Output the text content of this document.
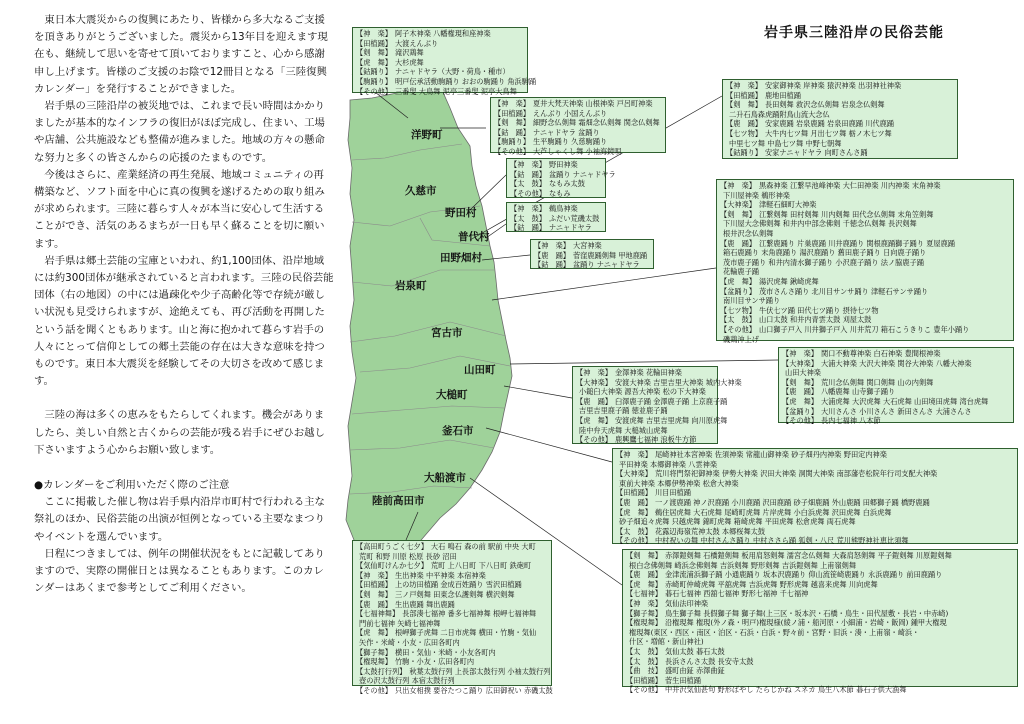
東日本大震災からの復興にあたり、皆様から多大なるご支援を頂きありがとうございました。震災から13年目を迎えます現在も、継続して思いを寄せて頂いておりますこと、心から感謝申し上げます。皆様のご支援のお陰で12冊目となる「三陸復興カレンダー」を発行することができました。

岩手県の三陸沿岸の被災地では、これまで長い時間はかかりましたが基本的なインフラの復旧がほぼ完成し、住まい、工場や店舗、公共施設なども整備が進みました。地域の方々の懸命な努力と多くの皆さんからの応援のたまものです。

今後はさらに、産業経済の再生発展、地域コミュニティの再構築など、ソフト面を中心に真の復興を遂げるための取り組みが求められます。三陸に暮らす人々が本当に安心して生活することができ、活気のあるまちが一日も早く蘇ることを切に願います。

岩手県は郷土芸能の宝庫といわれ、約1,100団体、沿岸地域には約300団体が継承されていると言われます。三陸の民俗芸能団体（右の地図）の中には過疎化や少子高齢化等で存続が厳しい状況も見受けられますが、途絶えても、再び活動を再開したという話を聞くともあります。山と海に抱かれて暮らす岩手の人々にとって信仰としての郷土芸能の存在は大きな意味を持つものです。東日本大震災を経験してその大切さを改めて感じます。

三陸の海は多くの恵みをもたらしてくれます。機会がありましたら、美しい自然と古くからの芸能が残る岩手にぜひお越し下さいますよう心からお願い致します。

●カレンダーをご利用いただく際のご注意

ここに掲載した催し物は岩手県内沿岸市町村で行われる主な祭礼のほか、民俗芸能の出演が恒例となっている主要なまつりやイベントを選んでいます。

日程につきましては、例年の開催状況をもとに記載してありますので、実際の開催日とは異なることもあります。このカレンダーはあくまで参考としてご利用ください。

洋野町
久慈市
野田村
普代村
田野畑村
岩泉町
宮古市
山田町
大槌町
釜石市
大船渡市
陸前高田市
岩手県三陸沿岸の民俗芸能
【神　楽】 阿子木神楽 八幡権現和座神楽
【田植踊】 大渡えんぶり
【剣　舞】 滝沢鶏舞
【虎　舞】 大杉虎舞
【鈷踊り】 ナニャドヤラ（大野・荷鳥・種市）
【駒踊り】 明戸伝承活動駒踊り おおの駒踊り 角浜駒踊
【その他】 三番叟 大鳥舞 泥亭三番叟 泥亭大鳥舞
【神　楽】 夏井大梵天神楽 山根神楽 戸呂町神楽
【田植踊】 えんぶり 小国えんぶり
【剣　舞】 細野念仏剣舞 霜畑念仏剣舞 関念仏剣舞
【鈷　踊】 ナニャドヤラ 盆踊り
【駒踊り】 生平駒踊り 久慈駒踊り
【その他】 大芦しゃくし舞 小袖海鏡唄
【神　楽】 野田神楽
【鈷　踊】 盆踊り ナニャドヤラ
【太　鼓】 なもみ太鼓
【その他】 なもみ
【神　楽】 鵜鳥神楽
【太　鼓】 ふだい荒磯太鼓
【鈷　踊】 ナニャドヤラ
【神　楽】 大宮神楽
【鹿　踊】 菅窪鹿踊剣舞 甲地鹿踊
【鈷　踊】 盆踊り ナニャドヤラ
【神　楽】 安家御神楽 岸神楽 猿沢神楽 出羽神社神楽
【田植踊】 鹿地田植踊
【剣　舞】 長田剣舞 救沢念仏剣舞 岩泉念仏剣舞
二升石鳥森虎踊附鳥山流大念仏
【鹿　踊】 安家鹿踊 岩泉鹿踊 岩泉田鹿踊 川代鹿踊
【七ツ物】 大牛内七ツ舞 月出七ツ舞 栃ノ木七ツ舞
中里七ツ舞 中島七ツ舞 中野七朝舞
【鈷踊り】 安家ナニャドヤラ 向町さんさ踊
【神　楽】 黒森神楽 江繋早池峰神楽 大仁田神楽 川内神楽 末角神楽
下川屋神楽 鵜形神楽
【大神楽】 津軽石細町大神楽
【剣　舞】 江繋剣舞 田村剣舞 川内剣舞 田代念仏剣舞 末角笠剣舞
下川屋大念佛剣舞 和井内中部念佛剣 千徳念仏剣舞 長沢剣舞
根井沢念仏剣舞
【鹿　踊】 江繋鹿踊り 片巣鹿踊 川井鹿踊り 関根鹿踊獅子踊り 夏屋鹿踊
箱石鹿踊り 末角鹿踊り 湯沢鹿踊り 舊田鹿子踊り 日向鹿子踊り
茂市鹿子踊り 和井内清水獅子踊り 小沢鹿子踊り 法ノ脇鹿子踊
花輪鹿子踊
【虎　舞】 湯沢虎舞 鍬崎虎舞
【盆踊り】 茂市さんさ踊り 北川目サンサ踊り 津軽石サンサ踊り
南川目サンサ踊り
【七ツ物】 牛伏七ツ踊 田代七ツ踊り 摂待七ツ物
【太　鼓】 山口太鼓 和井内青雲太鼓 刈屋太鼓
【その他】 山口獅子戸入 川井獅子戸入 川井荒刀 箱石こうきりこ 豊年小踊り
磯鶏沖上げ
【神　楽】 関口不動尊神楽 白石神楽 豊間根神楽
【大神楽】 大浦大神楽 大沢大神楽 関谷大神楽 八幡大神楽
山田大神楽
【剣　舞】 荒川念仏剣舞 関口剣舞 山の内剣舞
【鹿　踊】 八幡鹿舞 山寺獅子踊り
【虎　舞】 大浦虎舞 大沢虎舞 大石虎舞 山田境田虎舞 湾台虎舞
【盆踊り】 大川さんさ 小川さんさ 新田さんさ 大浦さんさ
【その他】 長内七福神 八木節
【神　楽】 金澤神楽 花輪田神楽
【大神楽】 安渡大神楽 吉里吉里大神楽 城内大神楽
小鎚臼大神楽 源吾大神楽 松の下大神楽
【鹿　踊】 臼澤鹿子踊 金澤鹿子踊 上京鹿子踊
吉里吉里鹿子踊 徳並鹿子踊
【虎　舞】 安渡虎舞 吉里吉里虎舞 向川原虎舞
陸中弁天虎舞 大槌城山虎舞
【その他】 鹿興鷹七福神 浪板牛方節
【神　楽】 尾崎神社本宮神楽 佐須神楽 常龍山御神楽 砂子畑丹内神楽 野田定内神楽
平田神楽 本郷御神楽 八雲神楽
【大神楽】 荒川将門祭祀御神楽 伊勢大神楽 沢田大神楽 洞関大神楽 南部藩壱松院年行司支配大神楽
東前大神楽 本郷伊勢神楽 松倉大神楽
【田植踊】 川目田植踊
【鹿　踊】 一ノ渡鹿踊 神ノ沢鹿踊 小川鹿踊 沢田鹿踊 砂子畑鹿踊 外山鹿踊 田郷獅子踊 橋野鹿踊
【虎　舞】 鵜住居虎舞 大石虎舞 尾崎町虎舞 片岸虎舞 小白浜虎舞 沢田虎舞 白浜虎舞
砂子畑追々虎舞 只越虎舞 錦町虎舞 箱崎虎舞 平田虎舞 松倉虎舞 両石虎舞
【太　鼓】 花露辺海嶺荒神太鼓 本郷桜舞太鼓
【その他】 中村祝いの舞 中村さんさ踊り 中村ささら踊 狐剣・八尺 荒川熊野神社恵比須舞
【剣　舞】 赤澤鎧剣舞 石橋鎧剣舞 板用肩怒剣舞 濡宮念仏剣舞 大森肩怒剣舞 平子鎧剣舞 川原鎧剣舞
根白念佛剣舞 崎浜念佛剣舞 吉浜剣舞 野形剣舞 吉浜鎧剣舞 上甫嶺剣舞
【鹿　踊】 金津流浦浜獅子踊 小通鹿踊り 坂本沢鹿踊り 仰山流笹崎鹿踊り 永浜鹿踊り 前田鹿踊り
【虎　舞】 赤崎町仲崎虎舞 平舘虎舞 吉浜虎舞 野形虎舞 越喜来虎舞 川向虎舞
【七福神】 碁石七福神 西舘七福神 野形七福神 千七福神
【神　楽】 気仙法印神楽
【獅子舞】 鳥生獅子舞 長假獅子舞 獅子舞(上三区・坂本沢・石橋・鳥生・田代屋敷・長岩・中赤崎)
【権現舞】 沿権現舞 権現(外ノ森・明戸)権現様(綾ノ浦・船河原・小細浦・岩崎・飯岡) 鍾甲大権現
権現舞(東区・西区・南区・泊区・石浜・白浜・野々前・宮野・旧浜・湊・上甫嶺・崎浜・
什区・増館・新山神社)
【太　鼓】 気仙太鼓 碁石太鼓
【太　鼓】 長浜さんさ太鼓 長安寺太鼓
【曲　技】 盛町由鉦 赤澤曲鉦
【田植踊】 菅生田植踊
【その他】 中井沢気仙甚句 野形ばやし たらじかね スネカ 鳥生八木節 碁石子供大漁舞
【高田町うごく七夕】 大石 鳴石 森の前 駅前 中央 大町
荒町 和野 川原 松原 長砂 沼田
【気仙町けんか七夕】 荒町 上八日町 下八日町 鉄砲町
【神　楽】 生出神楽 中平神楽 本宿神楽
【田植踊】 上の坊田植踊 金成百姓踊り 雪沢田植踊
【剣　舞】 三ノ戸剣舞 田東念仏護剣舞 横沢剣舞
【鹿　踊】 生出鹿踊 舞出鹿踊
【七福神舞】 長部湊七福神 番多七福神舞 根岬七福神舞
門前七福神 矢崎七福神舞
【虎　舞】 根岬獅子虎舞 二日市虎舞 横田・竹駒・気仙
矢作・米崎・小友・広田各町内
【獅子舞】 横田・気仙・米崎・小友各町内
【権現舞】 竹駒・小友・広田各町内
【太鼓打行列】 秋葉太鼓行列 上長部太鼓行列 小袖太鼓行列
壺の沢太鼓行列 本宿太鼓行列
【その他】 只出女相撲 要谷たつこ踊り 広田御祝い 赤磯太鼓
